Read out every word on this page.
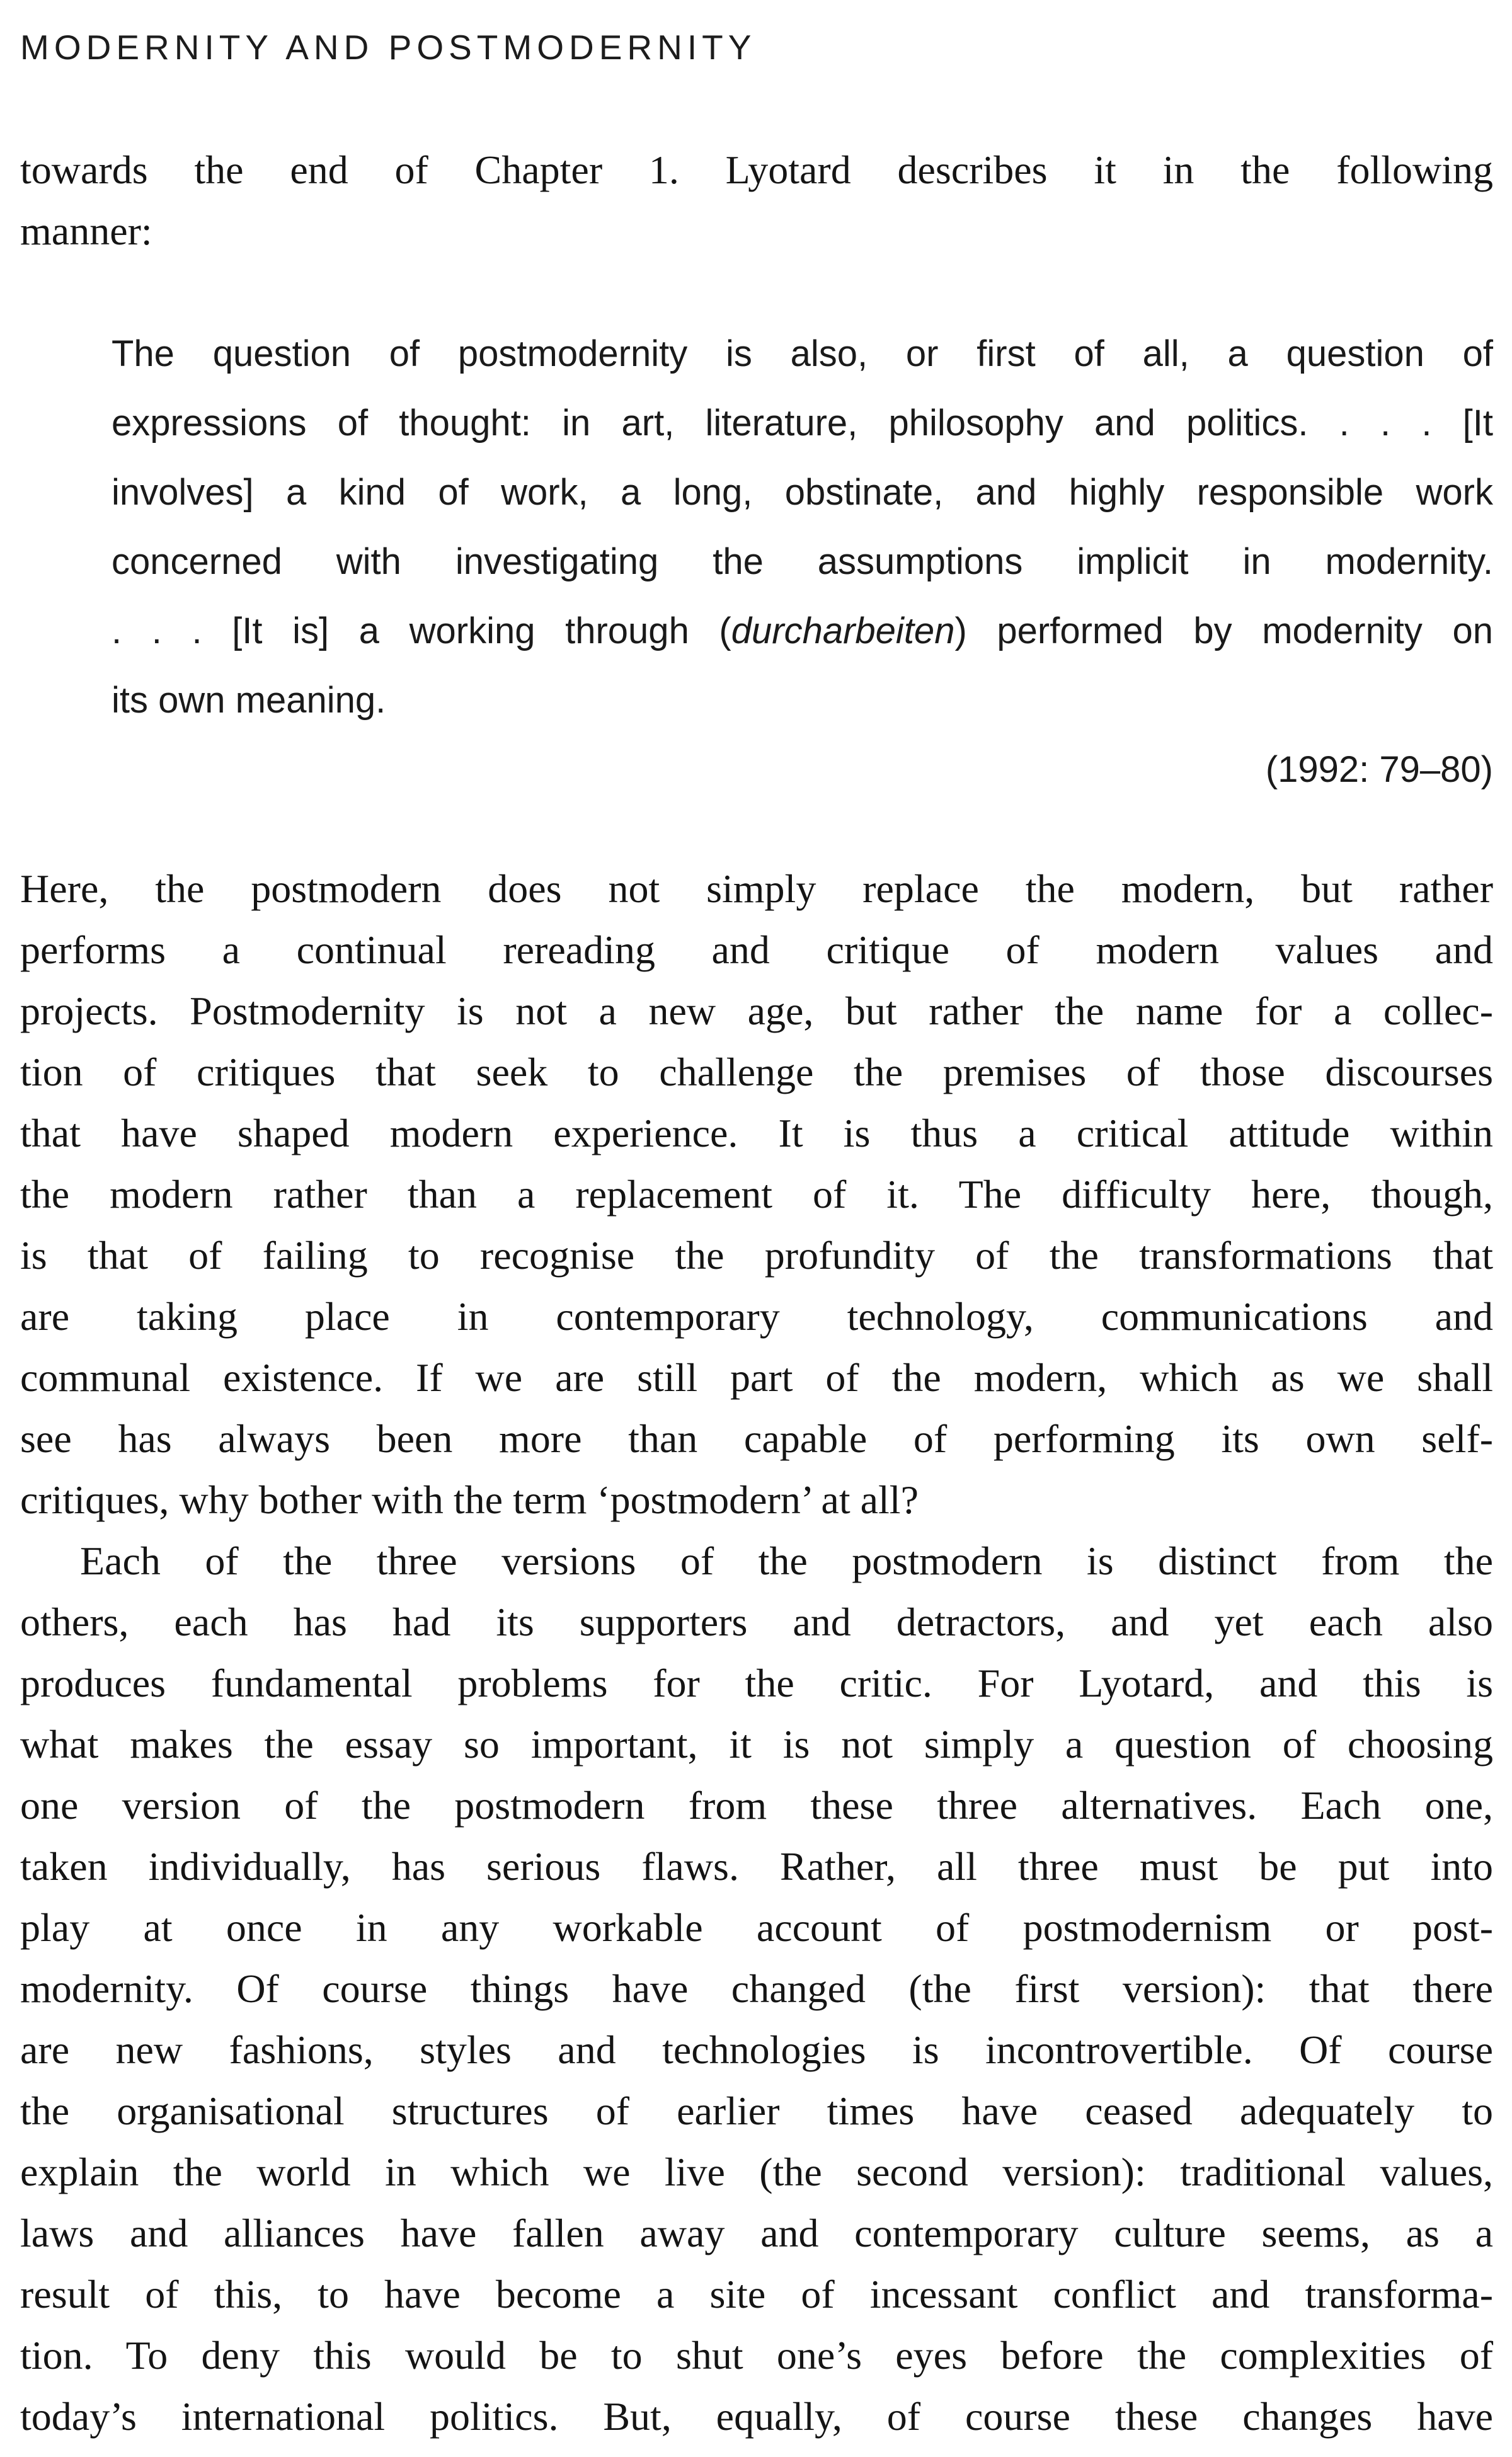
MODERNITY AND POSTMODERNITY
towards the end of Chapter 1. Lyotard describes it in the following
manner:
The question of postmodernity is also, or first of all, a question of
expressions of thought: in art, literature, philosophy and politics. . . . [It
involves] a kind of work, a long, obstinate, and highly responsible work
concerned with investigating the assumptions implicit in modernity.
. . . [It is] a working through (durcharbeiten) performed by modernity on
its own meaning.
(1992: 79–80)
Here, the postmodern does not simply replace the modern, but rather
performs a continual rereading and critique of modern values and
projects. Postmodernity is not a new age, but rather the name for a collec-
tion of critiques that seek to challenge the premises of those discourses
that have shaped modern experience. It is thus a critical attitude within
the modern rather than a replacement of it. The difficulty here, though,
is that of failing to recognise the profundity of the transformations that
are taking place in contemporary technology, communications and
communal existence. If we are still part of the modern, which as we shall
see has always been more than capable of performing its own self-
critiques, why bother with the term ‘postmodern’ at all?
Each of the three versions of the postmodern is distinct from the
others, each has had its supporters and detractors, and yet each also
produces fundamental problems for the critic. For Lyotard, and this is
what makes the essay so important, it is not simply a question of choosing
one version of the postmodern from these three alternatives. Each one,
taken individually, has serious flaws. Rather, all three must be put into
play at once in any workable account of postmodernism or post-
modernity. Of course things have changed (the first version): that there
are new fashions, styles and technologies is incontrovertible. Of course
the organisational structures of earlier times have ceased adequately to
explain the world in which we live (the second version): traditional values,
laws and alliances have fallen away and contemporary culture seems, as a
result of this, to have become a site of incessant conflict and transforma-
tion. To deny this would be to shut one’s eyes before the complexities of
today’s international politics. But, equally, of course these changes have
